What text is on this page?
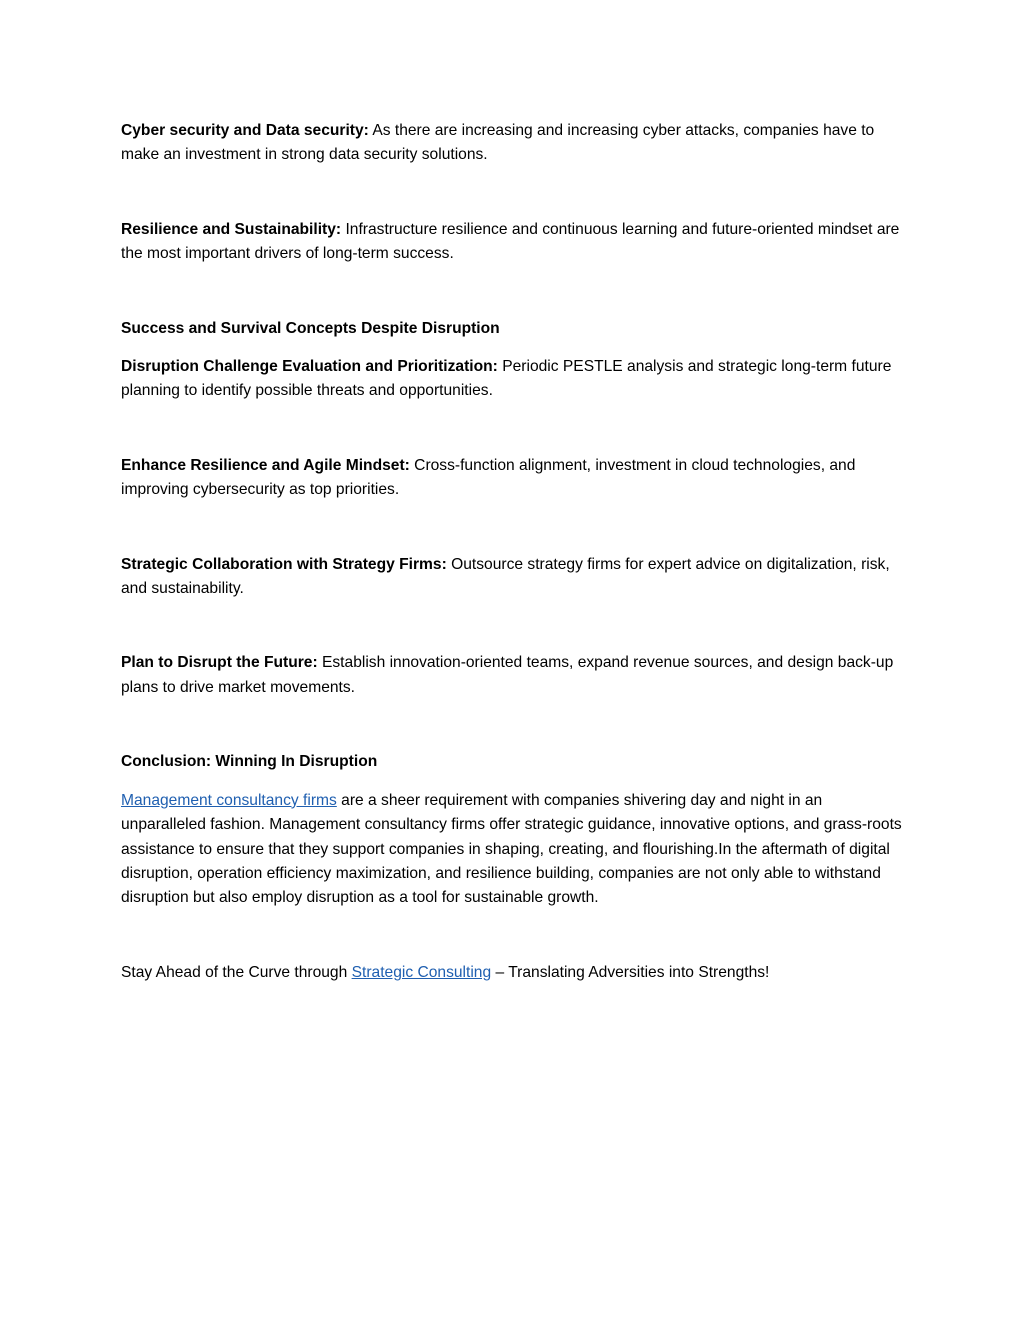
Cyber security and Data security: As there are increasing and increasing cyber attacks, companies have to make an investment in strong data security solutions.

Resilience and Sustainability: Infrastructure resilience and continuous learning and future-oriented mindset are the most important drivers of long-term success.

Success and Survival Concepts Despite Disruption

Disruption Challenge Evaluation and Prioritization: Periodic PESTLE analysis and strategic long-term future planning to identify possible threats and opportunities.

Enhance Resilience and Agile Mindset: Cross-function alignment, investment in cloud technologies, and improving cybersecurity as top priorities.

Strategic Collaboration with Strategy Firms: Outsource strategy firms for expert advice on digitalization, risk, and sustainability.

Plan to Disrupt the Future: Establish innovation-oriented teams, expand revenue sources, and design back-up plans to drive market movements.

Conclusion: Winning In Disruption

Management consultancy firms are a sheer requirement with companies shivering day and night in an unparalleled fashion. Management consultancy firms offer strategic guidance, innovative options, and grass-roots assistance to ensure that they support companies in shaping, creating, and flourishing.In the aftermath of digital disruption, operation efficiency maximization, and resilience building, companies are not only able to withstand disruption but also employ disruption as a tool for sustainable growth.

Stay Ahead of the Curve through Strategic Consulting – Translating Adversities into Strengths!
